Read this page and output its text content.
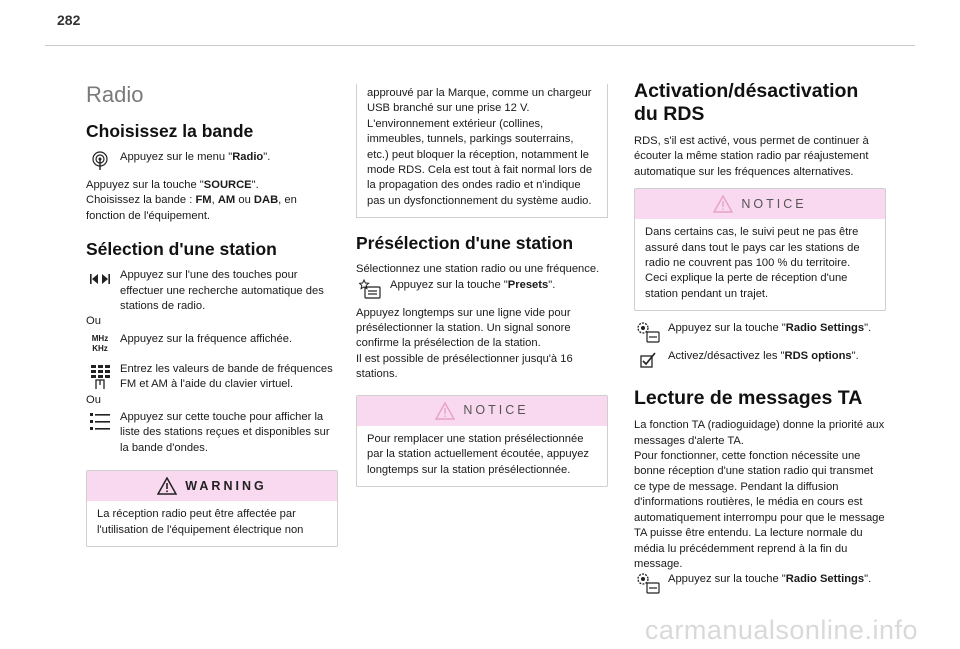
282
Radio
Choisissez la bande
Appuyez sur le menu "Radio".

Appuyez sur la touche "SOURCE".
Choisissez la bande : FM, AM ou DAB, en fonction de l'équipement.

Sélection d'une station
Appuyez sur l'une des touches pour effectuer une recherche automatique des stations de radio.
Ou
MHz
KHz
Appuyez sur la fréquence affichée.
Entrez les valeurs de bande de fréquences FM et AM à l'aide du clavier virtuel.
Ou
Appuyez sur cette touche pour afficher la liste des stations reçues et disponibles sur la bande d'ondes.
WARNING
La réception radio peut être affectée par l'utilisation de l'équipement électrique non
approuvé par la Marque, comme un chargeur USB branché sur une prise 12 V. L'environnement extérieur (collines, immeubles, tunnels, parkings souterrains, etc.) peut bloquer la réception, notamment le mode RDS. Cela est tout à fait normal lors de la propagation des ondes radio et n'indique pas un dysfonctionnement du système audio.
Présélection d'une station
Sélectionnez une station radio ou une fréquence.
Appuyez sur la touche "Presets".

Appuyez longtemps sur une ligne vide pour présélectionner la station. Un signal sonore confirme la présélection de la station.

Il est possible de présélectionner jusqu'à 16 stations.

NOTICE
Pour remplacer une station présélectionnée par la station actuellement écoutée, appuyez longtemps sur la station présélectionnée.
Activation/désactivation du RDS

RDS, s'il est activé, vous permet de continuer à écouter la même station radio par réajustement automatique sur les fréquences alternatives.

NOTICE
Dans certains cas, le suivi peut ne pas être assuré dans tout le pays car les stations de radio ne couvrent pas 100 % du territoire. Ceci explique la perte de réception d'une station pendant un trajet.
Appuyez sur la touche "Radio Settings".
Activez/désactivez les "RDS options".
Lecture de messages TA
La fonction TA (radioguidage) donne la priorité aux messages d'alerte TA.
Pour fonctionner, cette fonction nécessite une bonne réception d'une station radio qui transmet ce type de message. Pendant la diffusion d'informations routières, le média en cours est automatiquement interrompu pour que le message TA puisse être entendu. La lecture normale du média lu précédemment reprend à la fin du message.
Appuyez sur la touche "Radio Settings".
carmanualsonline.info
